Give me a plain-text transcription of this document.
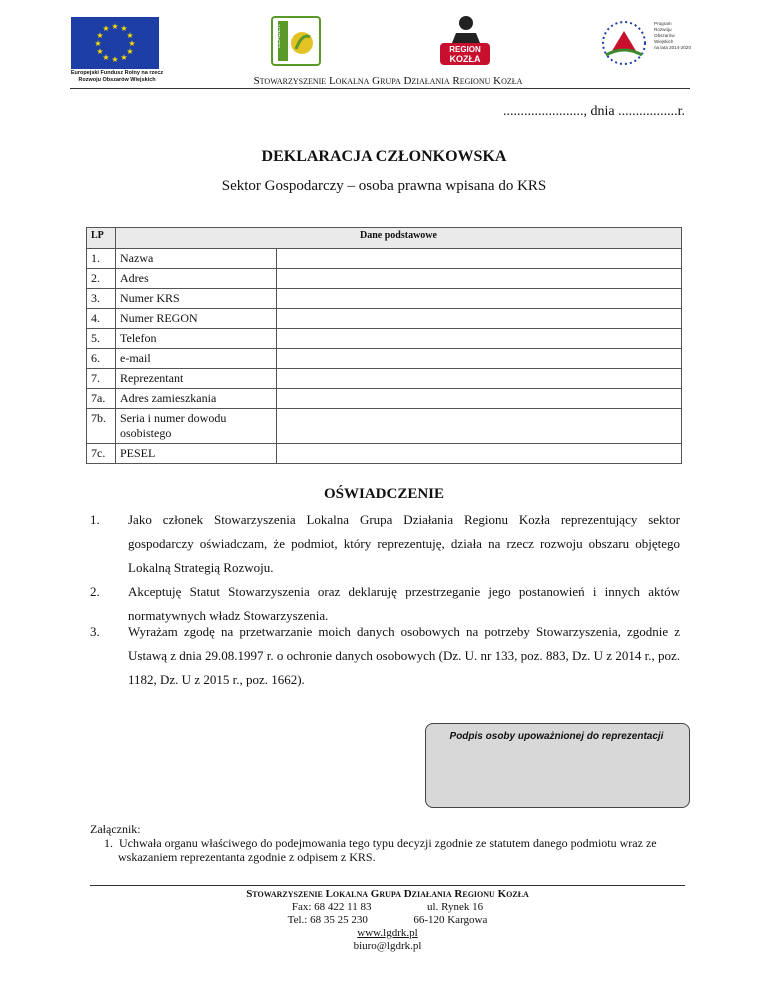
★ ★
★
★
★
★
★
★
★
★
★
★
Europejski Fundusz Rolny na rzecz
Rozwoju Obszarów Wiejskich
LEADER
REGION
KOZŁA
Program
Rozwoju
Obszarów
Wiejskich
na lata 2014-2020
Stowarzyszenie Lokalna Grupa Działania Regionu Kozła
......................., dnia .................r.
DEKLARACJA CZŁONKOWSKA
Sektor Gospodarczy – osoba prawna wpisana do KRS
LP	Dane podstawowe	
1.	Nazwa	
2.	Adres	
3.	Numer KRS	
4.	Numer REGON	
5.	Telefon	
6.	e-mail	
7.	Reprezentant	
7a.	Adres zamieszkania	
7b.	Seria i numer dowodu osobistego	
7c.	PESEL	
OŚWIADCZENIE
1.	Jako członek Stowarzyszenia Lokalna Grupa Działania Regionu Kozła reprezentujący sektor gospodarczy oświadczam, że podmiot, który reprezentuję, działa na rzecz rozwoju obszaru objętego Lokalną Strategią Rozwoju.
2.	Akceptuję Statut Stowarzyszenia oraz deklaruję przestrzeganie jego postanowień i innych aktów normatywnych władz Stowarzyszenia.
3.	Wyrażam zgodę na przetwarzanie moich danych osobowych na potrzeby Stowarzyszenia, zgodnie z Ustawą z dnia 29.08.1997 r. o ochronie danych osobowych (Dz. U. nr 133, poz. 883, Dz. U z 2014 r., poz. 1182, Dz. U z 2015 r., poz. 1662).
Podpis osoby upoważnionej do reprezentacji
Załącznik:
1.  Uchwała organu właściwego do podejmowania tego typu decyzji zgodnie ze statutem danego podmiotu wraz ze wskazaniem reprezentanta zgodnie z odpisem z KRS.
Stowarzyszenie Lokalna Grupa Działania Regionu Kozła
Fax: 68 422 11 83	ul. Rynek 16
Tel.: 68 35 25 230	66-120 Kargowa
www.lgdrk.pl
biuro@lgdrk.pl
